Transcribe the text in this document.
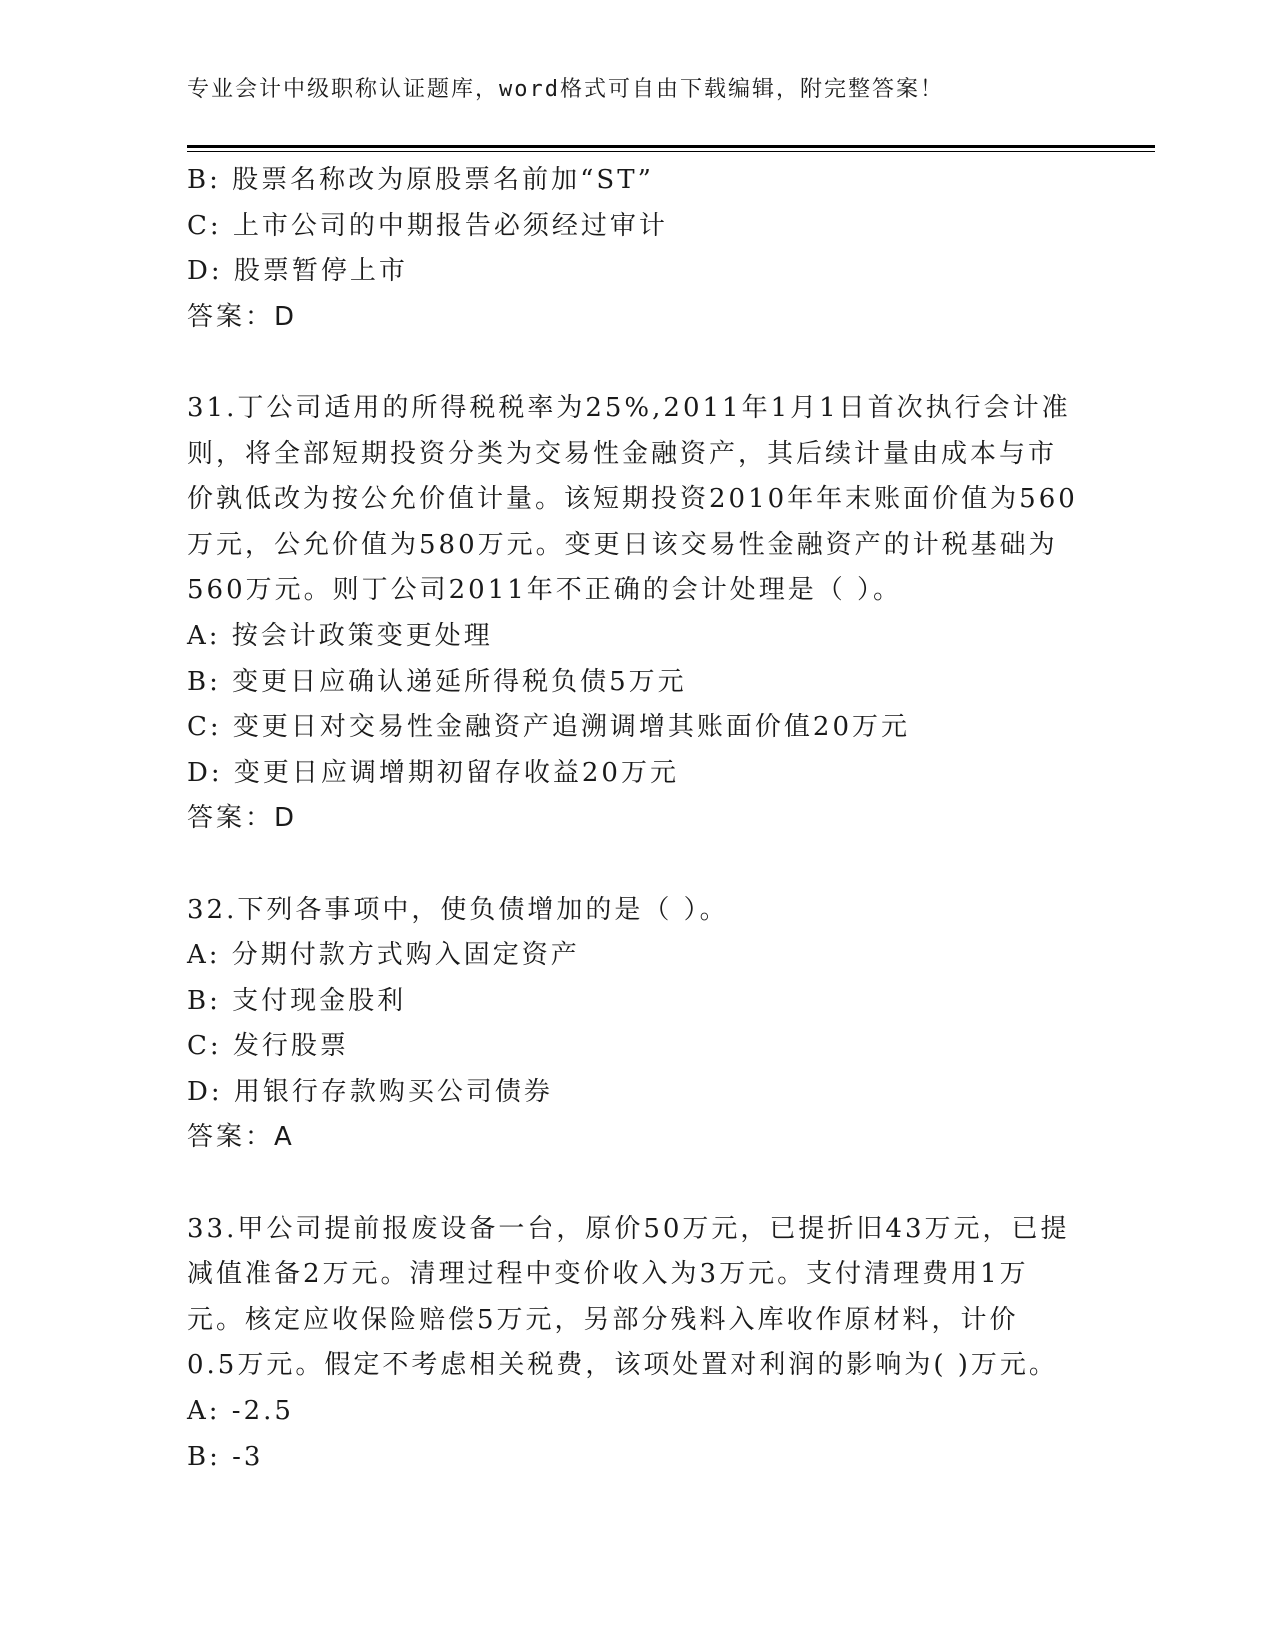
专业会计中级职称认证题库，word格式可自由下载编辑，附完整答案！
B: 股票名称改为原股票名前加“ST”
C: 上市公司的中期报告必须经过审计
D: 股票暂停上市
答案：D
31.丁公司适用的所得税税率为25%,2011年1月1日首次执行会计准
则，将全部短期投资分类为交易性金融资产，其后续计量由成本与市
价孰低改为按公允价值计量。该短期投资2010年年末账面价值为560
万元，公允价值为580万元。变更日该交易性金融资产的计税基础为
560万元。则丁公司2011年不正确的会计处理是（ ）。
A: 按会计政策变更处理
B: 变更日应确认递延所得税负债5万元
C: 变更日对交易性金融资产追溯调增其账面价值20万元
D: 变更日应调增期初留存收益20万元
答案：D
32.下列各事项中，使负债增加的是（ ）。
A: 分期付款方式购入固定资产
B: 支付现金股利
C: 发行股票
D: 用银行存款购买公司债券
答案：A
33.甲公司提前报废设备一台，原价50万元，已提折旧43万元，已提
减值准备2万元。清理过程中变价收入为3万元。支付清理费用1万
元。核定应收保险赔偿5万元，另部分残料入库收作原材料，计价
0.5万元。假定不考虑相关税费，该项处置对利润的影响为( )万元。
A: -2.5
B: -3
